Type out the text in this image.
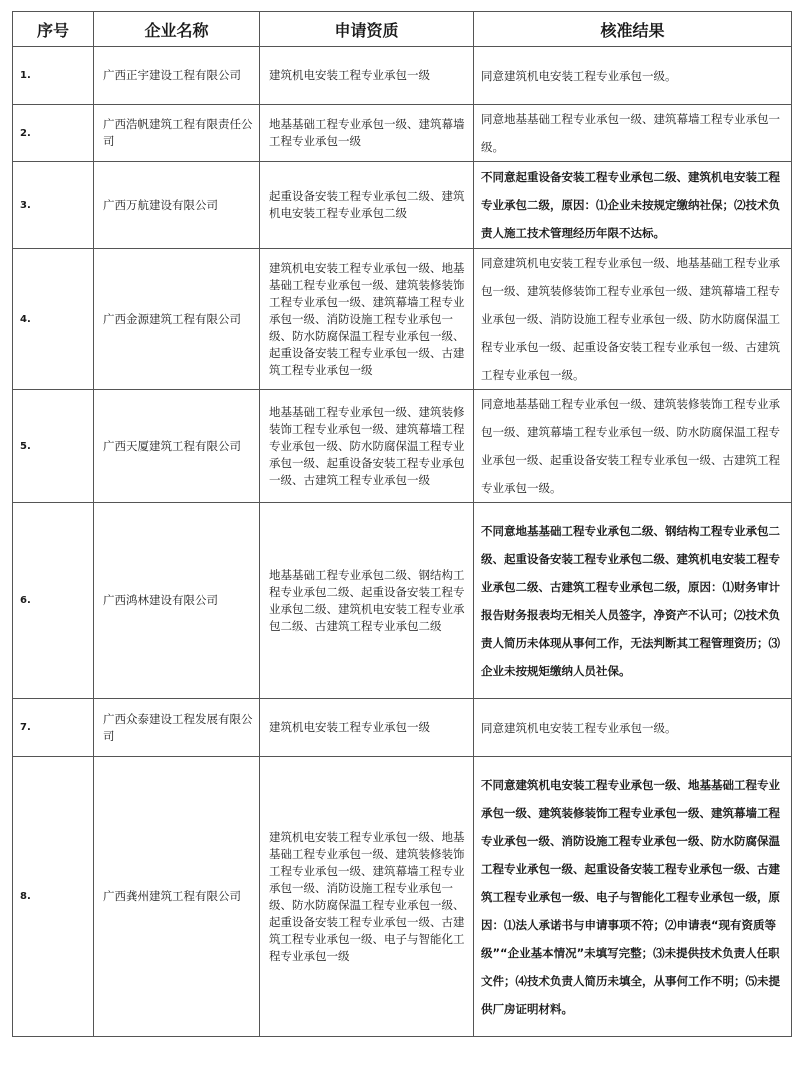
序号	企业名称	申请资质	核准结果
1.	广西正宇建设工程有限公司	建筑机电安装工程专业承包一级	同意建筑机电安装工程专业承包一级。
2.	广西浩帆建筑工程有限责任公司	地基基础工程专业承包一级、建筑幕墙工程专业承包一级	同意地基基础工程专业承包一级、建筑幕墙工程专业承包一级。
3.	广西万航建设有限公司	起重设备安装工程专业承包二级、建筑机电安装工程专业承包二级	不同意起重设备安装工程专业承包二级、建筑机电安装工程专业承包二级，原因：⑴企业未按规定缴纳社保；⑵技术负责人施工技术管理经历年限不达标。
4.	广西金源建筑工程有限公司	建筑机电安装工程专业承包一级、地基基础工程专业承包一级、建筑装修装饰工程专业承包一级、建筑幕墙工程专业承包一级、消防设施工程专业承包一级、防水防腐保温工程专业承包一级、起重设备安装工程专业承包一级、古建筑工程专业承包一级	同意建筑机电安装工程专业承包一级、地基基础工程专业承包一级、建筑装修装饰工程专业承包一级、建筑幕墙工程专业承包一级、消防设施工程专业承包一级、防水防腐保温工程专业承包一级、起重设备安装工程专业承包一级、古建筑工程专业承包一级。
5.	广西天厦建筑工程有限公司	地基基础工程专业承包一级、建筑装修装饰工程专业承包一级、建筑幕墙工程专业承包一级、防水防腐保温工程专业承包一级、起重设备安装工程专业承包一级、古建筑工程专业承包一级	同意地基基础工程专业承包一级、建筑装修装饰工程专业承包一级、建筑幕墙工程专业承包一级、防水防腐保温工程专业承包一级、起重设备安装工程专业承包一级、古建筑工程专业承包一级。
6.	广西鸿林建设有限公司	地基基础工程专业承包二级、钢结构工程专业承包二级、起重设备安装工程专业承包二级、建筑机电安装工程专业承包二级、古建筑工程专业承包二级	不同意地基基础工程专业承包二级、钢结构工程专业承包二级、起重设备安装工程专业承包二级、建筑机电安装工程专业承包二级、古建筑工程专业承包二级，原因：⑴财务审计报告财务报表均无相关人员签字，净资产不认可；⑵技术负责人简历未体现从事何工作，无法判断其工程管理资历；⑶企业未按规矩缴纳人员社保。
7.	广西众泰建设工程发展有限公司	建筑机电安装工程专业承包一级	同意建筑机电安装工程专业承包一级。
8.	广西龚州建筑工程有限公司	建筑机电安装工程专业承包一级、地基基础工程专业承包一级、建筑装修装饰工程专业承包一级、建筑幕墙工程专业承包一级、消防设施工程专业承包一级、防水防腐保温工程专业承包一级、起重设备安装工程专业承包一级、古建筑工程专业承包一级、电子与智能化工程专业承包一级	不同意建筑机电安装工程专业承包一级、地基基础工程专业承包一级、建筑装修装饰工程专业承包一级、建筑幕墙工程专业承包一级、消防设施工程专业承包一级、防水防腐保温工程专业承包一级、起重设备安装工程专业承包一级、古建筑工程专业承包一级、电子与智能化工程专业承包一级，原因：⑴法人承诺书与申请事项不符；⑵申请表“现有资质等级”“企业基本情况”未填写完整；⑶未提供技术负责人任职文件；⑷技术负责人简历未填全，从事何工作不明；⑸未提供厂房证明材料。
